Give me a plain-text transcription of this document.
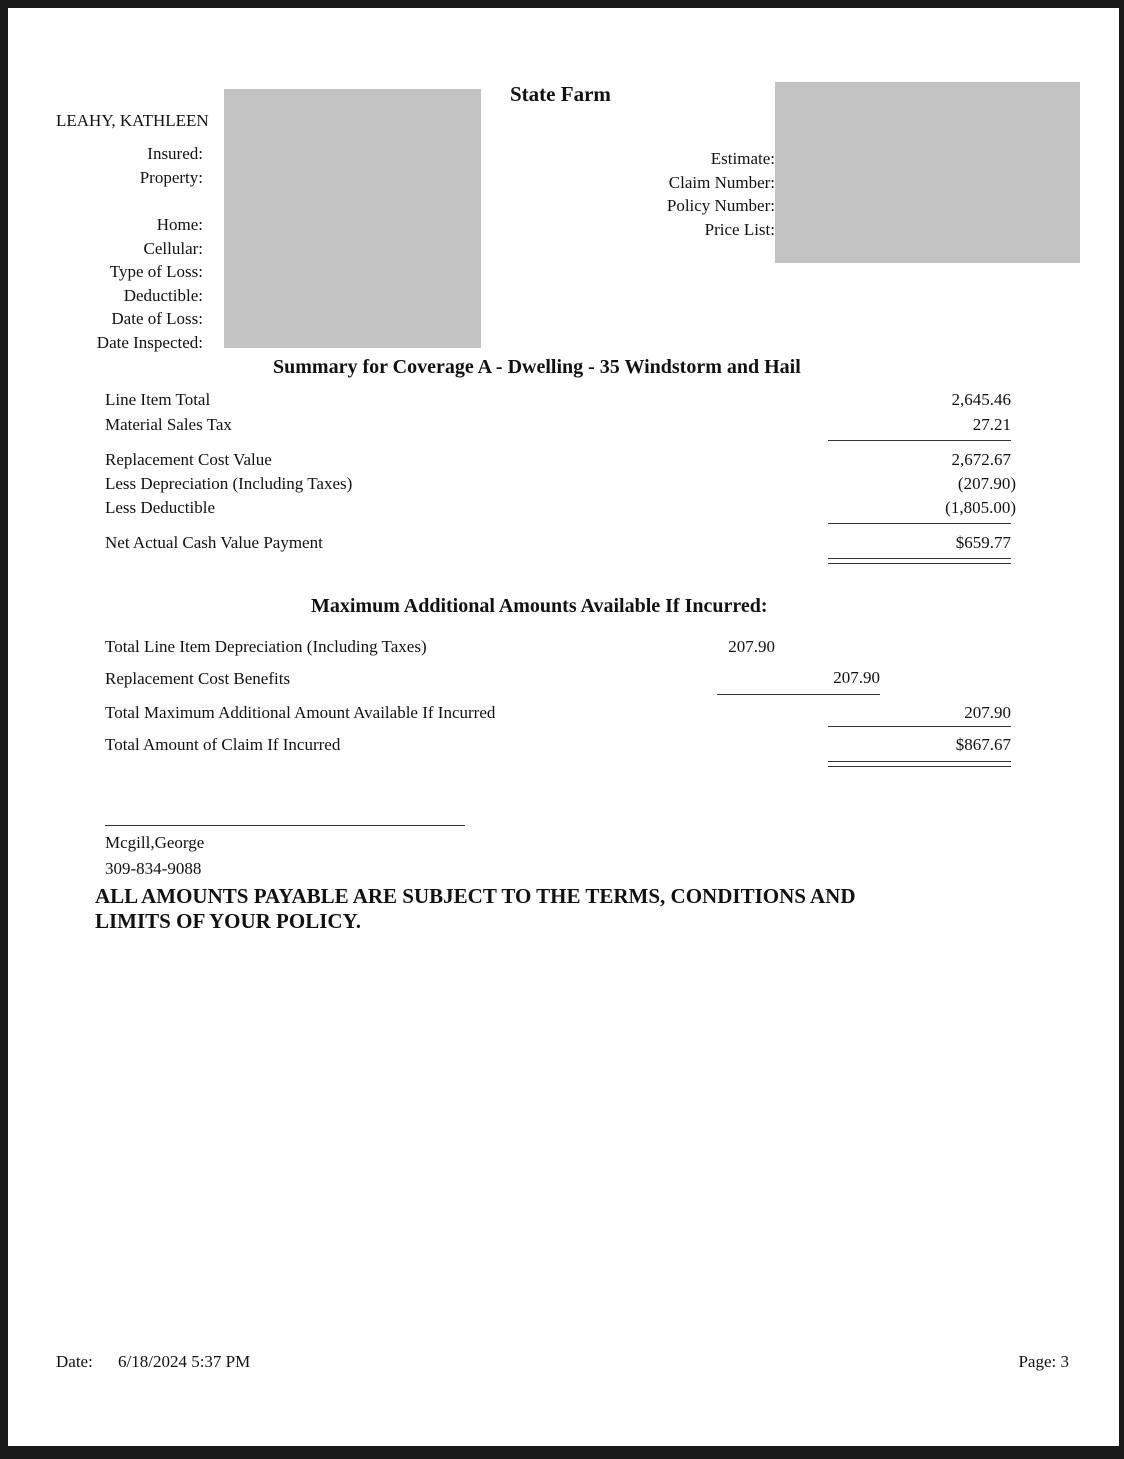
State Farm
LEAHY, KATHLEEN
Insured:
Property:
Home:
Cellular:
Type of Loss:
Deductible:
Date of Loss:
Date Inspected:
Estimate:
Claim Number:
Policy Number:
Price List:
Summary for Coverage A - Dwelling - 35 Windstorm and Hail
Line Item Total	2,645.46
Material Sales Tax	27.21
Replacement Cost Value	2,672.67
Less Depreciation (Including Taxes)	(207.90)
Less Deductible	(1,805.00)
Net Actual Cash Value Payment	$659.77
Maximum Additional Amounts Available If Incurred:
Total Line Item Depreciation (Including Taxes)	207.90
Replacement Cost Benefits	207.90
Total Maximum Additional Amount Available If Incurred	207.90
Total Amount of Claim If Incurred	$867.67
Mcgill,George
309-834-9088
ALL AMOUNTS PAYABLE ARE SUBJECT TO THE TERMS, CONDITIONS AND
LIMITS OF YOUR POLICY.
Date: 6/18/2024 5:37 PM	Page: 3
